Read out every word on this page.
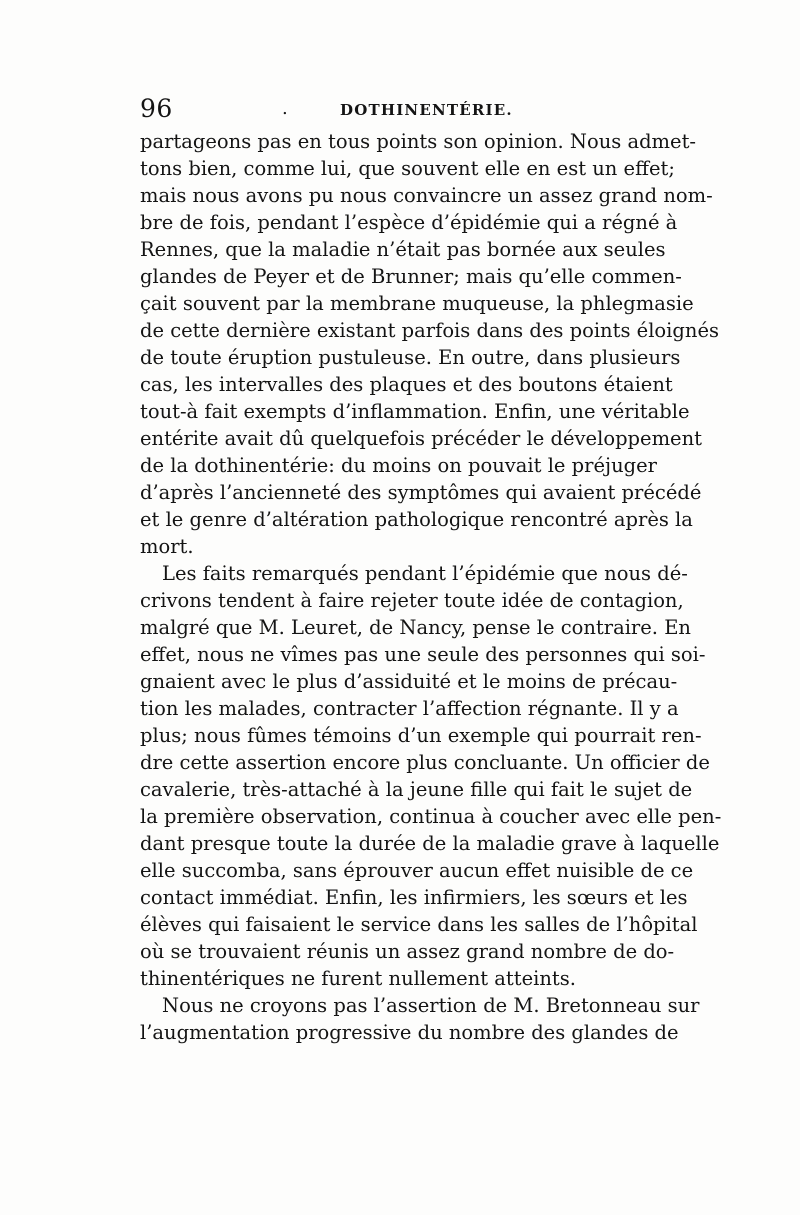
96	.	DOTHINENTÉRIE.
partageons pas en tous points son opinion. Nous admet-
tons bien, comme lui, que souvent elle en est un effet;
mais nous avons pu nous convaincre un assez grand nom-
bre de fois, pendant l’espèce d’épidémie qui a régné à
Rennes, que la maladie n’était pas bornée aux seules
glandes de Peyer et de Brunner; mais qu’elle commen-
çait souvent par la membrane muqueuse, la phlegmasie
de cette dernière existant parfois dans des points éloignés
de toute éruption pustuleuse. En outre, dans plusieurs
cas, les intervalles des plaques et des boutons étaient
tout-à fait exempts d’inflammation. Enfin, une véritable
entérite avait dû quelquefois précéder le développement
de la dothinentérie: du moins on pouvait le préjuger
d’après l’ancienneté des symptômes qui avaient précédé
et le genre d’altération pathologique rencontré après la
mort.
Les faits remarqués pendant l’épidémie que nous dé-
crivons tendent à faire rejeter toute idée de contagion,
malgré que M. Leuret, de Nancy, pense le contraire. En
effet, nous ne vîmes pas une seule des personnes qui soi-
gnaient avec le plus d’assiduité et le moins de précau-
tion les malades, contracter l’affection régnante. Il y a
plus; nous fûmes témoins d’un exemple qui pourrait ren-
dre cette assertion encore plus concluante. Un officier de
cavalerie, très-attaché à la jeune fille qui fait le sujet de
la première observation, continua à coucher avec elle pen-
dant presque toute la durée de la maladie grave à laquelle
elle succomba, sans éprouver aucun effet nuisible de ce
contact immédiat. Enfin, les infirmiers, les sœurs et les
élèves qui faisaient le service dans les salles de l’hôpital
où se trouvaient réunis un assez grand nombre de do-
thinentériques ne furent nullement atteints.
Nous ne croyons pas l’assertion de M. Bretonneau sur
l’augmentation progressive du nombre des glandes de
